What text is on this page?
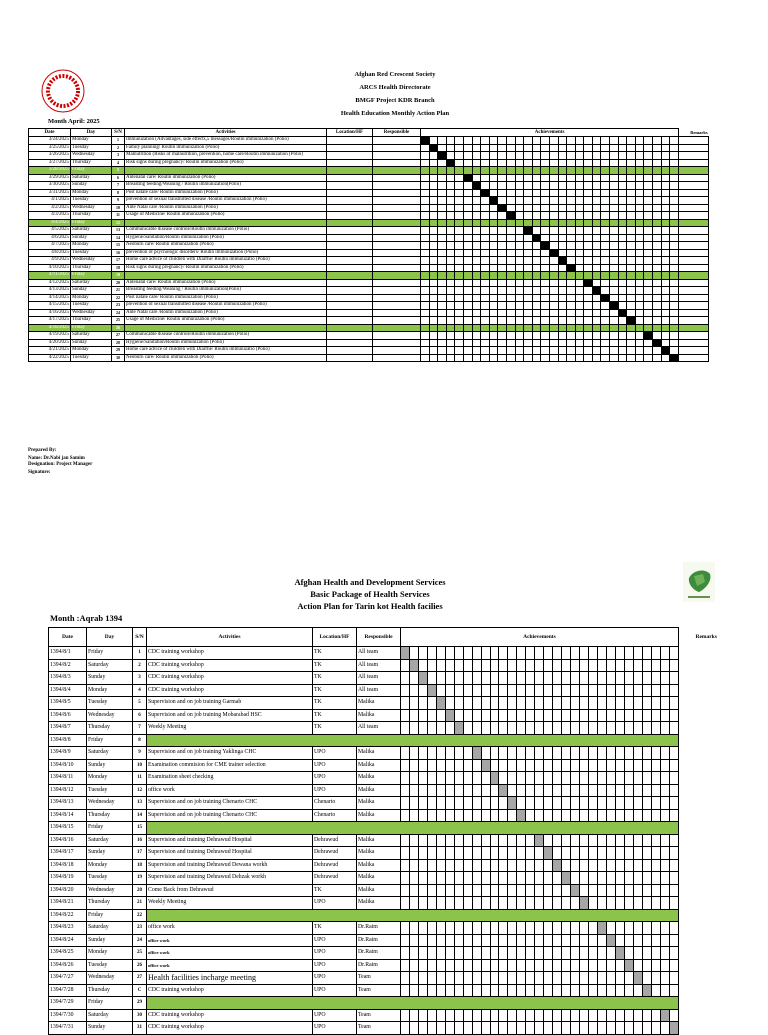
Afghan Red Crescent Society
ARCS Health Directorate
BMGF Project KDR Branch
Health Education Monthly Action Plan
Month April: 2025
Date	Day	S/N	Activities	Location/HF	Responsible	Achievements																														Remarks
3/24/2025	Monday	1	Immunization (Advantages, side effects,5 messages/Routin immunization (Polio)																																	
3/25/2025	Tuesday	2	Family planning/ Routin immunization (Polio)																																	
3/26/2025	Wednesday	3	Malnutrition (Risks of malnutrition, prevention, home care/Routin immunization (Polio)																																	
3/27/2025	Thursday	4	Risk signs during pregnancy/ Routin immunization (Polio)																																	
3/28/2025	Friday	5																																		
3/29/2025	Saturday	6	Antenatal care/ Routin immunization (Polio)																																	
3/30/2025	Sunday	7	Breasting feeding/Weaning / Routin immunization(Polio)																																	
3/31/2025	Monday	8	Post natale care/ Routin immunization (Polio)																																	
4/1/2025	Tuesday	9	prevention of sexual transmitted disease /Routin immunization (Polio)																																	
4/2/2025	Wednesday	10	Ante Natal care /Routin immunization (Polio)																																	
4/3/2025	Thursday	11	Usage of Medicine/ Routin immunization (Polio)																																	
4/4/2025	Friday	12																																		
4/5/2025	Saturday	13	Communicable disease controle/Routin immunization (Polio)																																	
4/6/2025	Sunday	14	Hygiene/Sanitation/Routin immunization (Polio)																																	
4/7/2025	Monday	15	Neoburn care/ Routin immunization (Polio)																																	
4/8/2025	Tuesday	16	prevention of psychologic disorders/ Routin immunization (Polio)																																	
4/9/2025	Wednesday	17	Home care advice of children with Diarrhe/ Routin immunizatio (Polio)																																	
4/10/2025	Thursday	18	Risk signs during pregnancy/ Routin immunization (Polio)																																	
4/11/2025	Friday	19																																		
4/12/2025	Saturday	20	Antenatal care/ Routin immunization (Polio)																																	
4/13/2025	Sunday	21	Breasting feeding/Weaning / Routin immunization(Polio)																																	
4/14/2025	Monday	22	Post natale care/ Routin immunization (Polio)																																	
4/15/2025	Tuesday	23	prevention of sexual transmitted disease /Routin immunization (Polio)																																	
4/16/2025	Wednesday	24	Ante Natal care /Routin immunization (Polio)																																	
4/17/2025	Thursday	25	Usage of Medicine/ Routin immunization (Polio)																																	
4/18/2025	Friday	26																																		
4/19/2025	Saturday	27	Communicable disease controle/Routin immunization (Polio)																																	
4/20/2025	Sunday	28	Hygiene/Sanitation/Routin immunization (Polio)																																	
4/21/2025	Monday	29	Home care advice of children with Diarrhe/ Routin immunizatio (Polio)																																	
4/22/2025	Tuesday	30	Neoburn care/ Routin immunization (Polio)																																	
Prepared By:
Name: Dr.Nabi jan Samim
Designation: Project Manager
Signature:
Afghan Health and Development Services
Basic Package of Health Services
Action Plan for Tarin kot Health facilies
Month :Aqrab 1394
Date	Day	S/N	Activities	Location/HF	Responsible	Achievements																															Remarks
1394/8/1	Friday	1	CDC training workshop	TK	All team																																
1394/8/2	Saturday	2	CDC training workshop	TK	All team																																
1394/8/3	Sunday	3	CDC training workshop	TK	All team																																
1394/8/4	Monday	4	CDC training workshop	TK	All team																																
1394/8/5	Tuesday	5	Supervision and on job training Garmab	TK	Malika																																
1394/8/6	Wednesday	6	Supervision and on job training Mobarabad HSC	TK	Malika																																
1394/8/7	Thursday	7	Weekly Meeting	TK	All team																																
1394/8/8	Friday	8																																			
1394/8/9	Saturday	9	Supervision and on job training Yaklinga CHC	UPO	Malika																																
1394/8/10	Sunday	10	Examination commision for CME trainer selection	UPO	Malika																																
1394/8/11	Monday	11	Examination sheet checking	UPO	Malika																																
1394/8/12	Tuesday	12	office work	UPO	Malika																																
1394/8/13	Wednesday	13	Supervision and on job training Chenarto CHC	Chenarto	Malika																																
1394/8/14	Thursday	14	Supervision and on job training Chenarto CHC	Chenarto	Malika																																
1394/8/15	Friday	15																																			
1394/8/16	Saturday	16	Supervision and training Dehrawud Hospital	Dehrawud	Malika																																
1394/8/17	Sunday	17	Supervision and training Dehrawud Hospital	Dehrawud	Malika																																
1394/8/18	Monday	18	Supervision and training Dehrawud Dewana workh	Dehrawud	Malika																																
1394/8/19	Tuesday	19	Supervision and training Dehrawud Dehzak workh	Dehrawud	Malika																																
1394/8/20	Wednesday	20	Come Back from Dehrawud	TK	Malika																																
1394/8/21	Thursday	21	Weekly Meeting	UPO	Malika																																
1394/8/22	Friday	22																																			
1394/8/23	Saturday	23	office work	TK	Dr.Raim																																
1394/8/24	Sunday	24	office work	UPO	Dr.Raim																																
1394/8/25	Monday	25	office work	UPO	Dr.Raim																																
1394/8/26	Tuesday	26	office work	UPO	Dr.Raim																																
1394/7/27	Wednesday	27	Health facilities incharge meeting	UPO	Team																																
1394/7/28	Thursday	C	CDC training workshop	UPO	Team																																
1394/7/29	Friday	29																																			
1394/7/30	Saturday	30	CDC training workshop	UPO	Team																																
1394/7/31	Sunday	31	CDC training workshop	UPO	Team																																
